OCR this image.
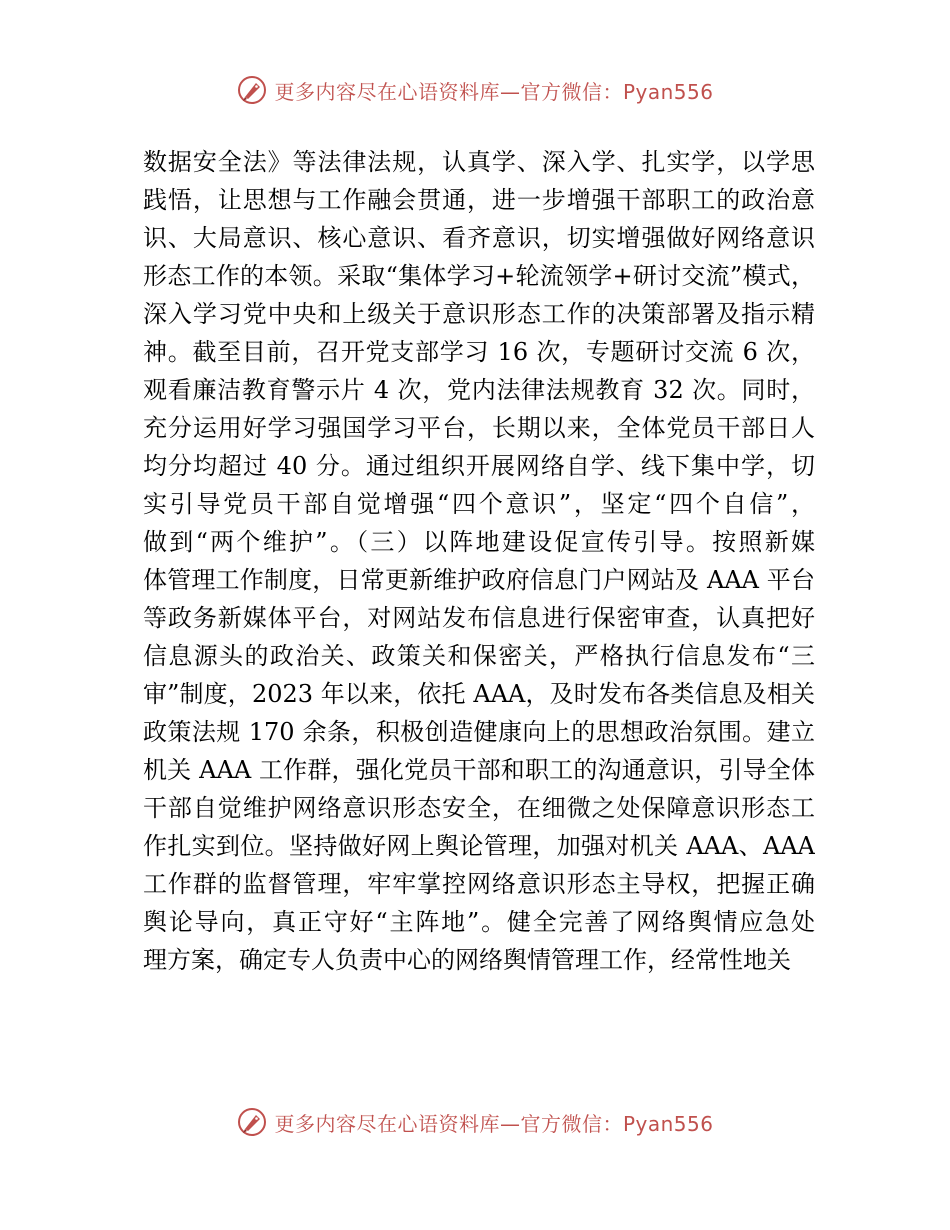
更多内容尽在心语资料库—官方微信：Pyan556
数据安全法》等法律法规，认真学、深入学、扎实学，以学思
践悟，让思想与工作融会贯通，进一步增强干部职工的政治意
识、大局意识、核心意识、看齐意识，切实增强做好网络意识
形态工作的本领。采取“集体学习+轮流领学+研讨交流”模式，
深入学习党中央和上级关于意识形态工作的决策部署及指示精
神。截至目前，召开党支部学习 16 次，专题研讨交流 6 次，
观看廉洁教育警示片 4 次，党内法律法规教育 32 次。同时，
充分运用好学习强国学习平台，长期以来，全体党员干部日人
均分均超过 40 分。通过组织开展网络自学、线下集中学，切
实引导党员干部自觉增强“四个意识”，坚定“四个自信”，
做到“两个维护”。（三）以阵地建设促宣传引导。按照新媒
体管理工作制度，日常更新维护政府信息门户网站及 AAA 平台
等政务新媒体平台，对网站发布信息进行保密审查，认真把好
信息源头的政治关、政策关和保密关，严格执行信息发布“三
审”制度，2023 年以来，依托 AAA，及时发布各类信息及相关
政策法规 170 余条，积极创造健康向上的思想政治氛围。建立
机关 AAA 工作群，强化党员干部和职工的沟通意识，引导全体
干部自觉维护网络意识形态安全，在细微之处保障意识形态工
作扎实到位。坚持做好网上舆论管理，加强对机关 AAA、AAA
工作群的监督管理，牢牢掌控网络意识形态主导权，把握正确
舆论导向，真正守好“主阵地”。健全完善了网络舆情应急处
理方案，确定专人负责中心的网络舆情管理工作，经常性地关
更多内容尽在心语资料库—官方微信：Pyan556
